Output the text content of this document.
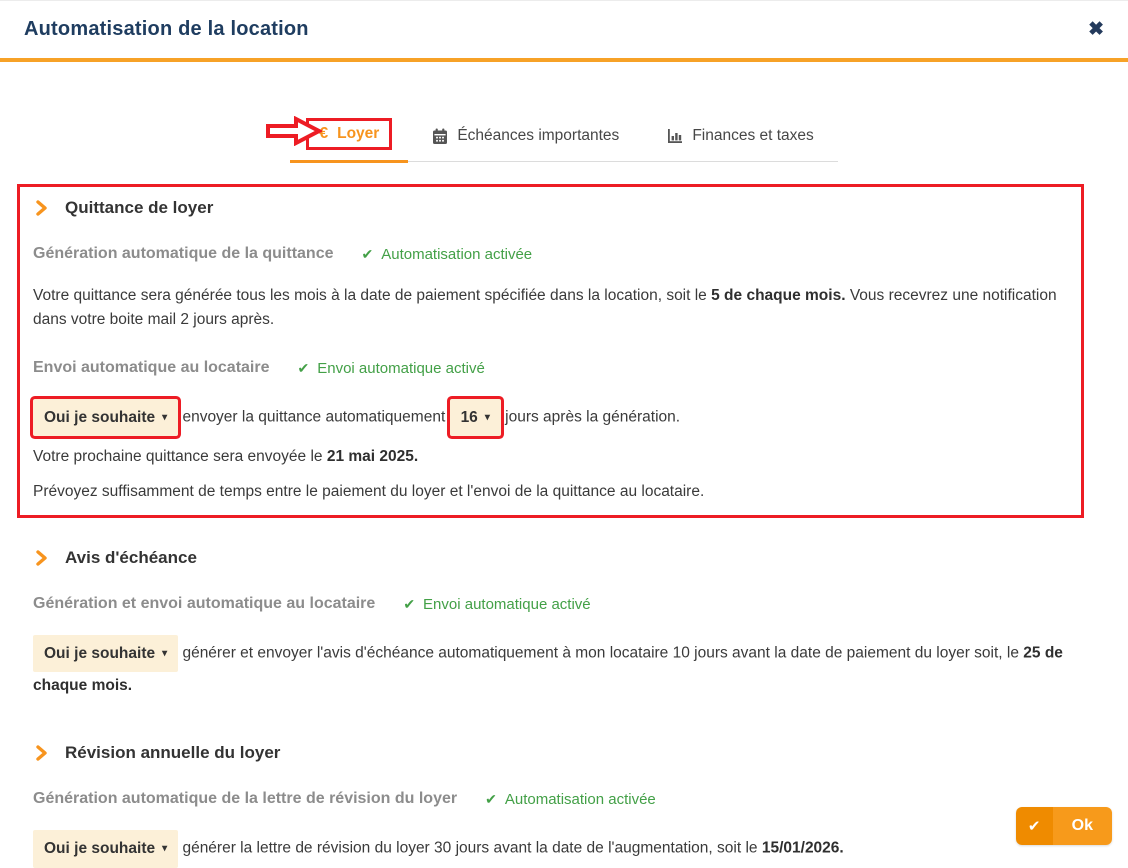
Automatisation de la location	✖
€ Loyer	Échéances importantes	Finances et taxes
Quittance de loyer
Génération automatique de la quittance ✔ Automatisation activée
Votre quittance sera générée tous les mois à la date de paiement spécifiée dans la location, soit le 5 de chaque mois. Vous recevrez une notification dans votre boite mail 2 jours après.
Envoi automatique au locataire ✔ Envoi automatique activé
Oui je souhaite ▾ envoyer la quittance automatiquement 16 ▾ jours après la génération.
Votre prochaine quittance sera envoyée le 21 mai 2025.
Prévoyez suffisamment de temps entre le paiement du loyer et l'envoi de la quittance au locataire.
Avis d'échéance
Génération et envoi automatique au locataire ✔ Envoi automatique activé
Oui je souhaite ▾ générer et envoyer l'avis d'échéance automatiquement à mon locataire 10 jours avant la date de paiement du loyer soit, le 25 de chaque mois.
Révision annuelle du loyer
Génération automatique de la lettre de révision du loyer ✔ Automatisation activée
Oui je souhaite ▾ générer la lettre de révision du loyer 30 jours avant la date de l'augmentation, soit le 15/01/2026.
✔	Ok
